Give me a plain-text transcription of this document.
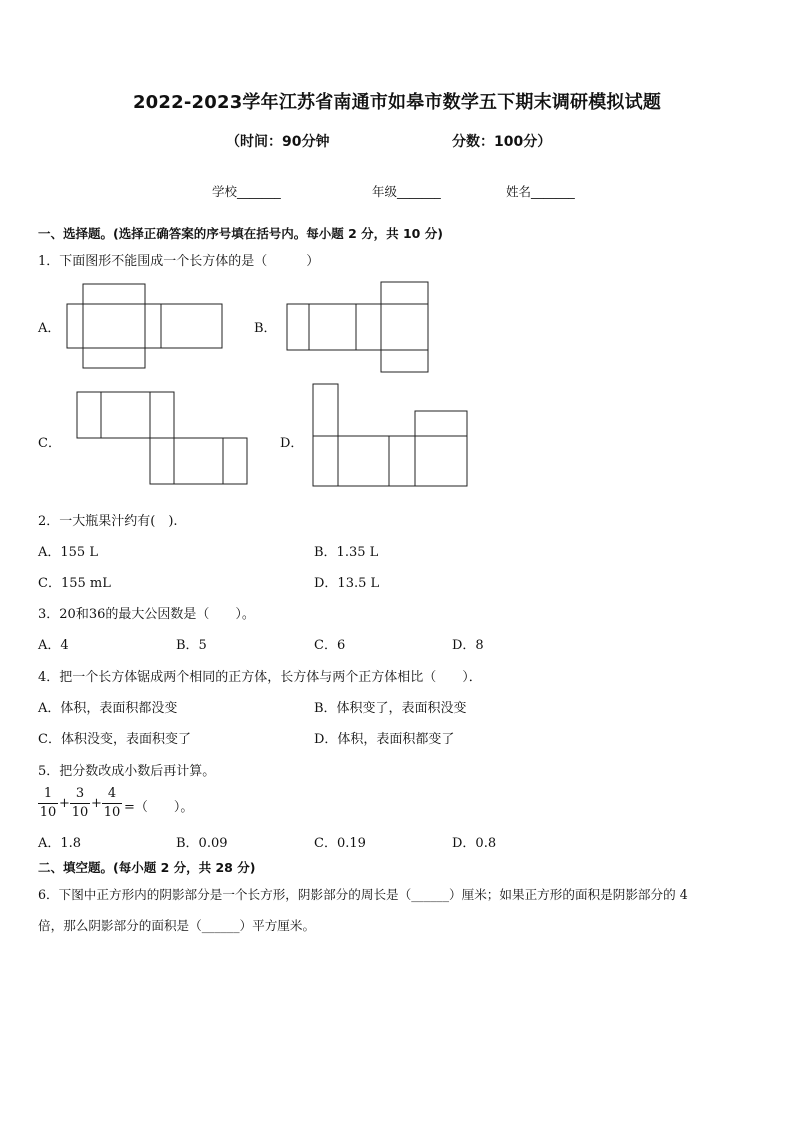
2022-2023学年江苏省南通市如皋市数学五下期末调研模拟试题
（时间：90分钟	分数：100分）
学校_______	年级_______	姓名_______
一、选择题。(选择正确答案的序号填在括号内。每小题 2 分，共 10 分)
1．下面图形不能围成一个长方体的是（　　　）
A．	B．
C．	D．
2．一大瓶果汁约有(　).
A．155 L	B．1.35 L
C．155 mL	D．13.5 L
3．20和36的最大公因数是（　　）。
A．4	B．5	C．6	D．8
4．把一个长方体锯成两个相同的正方体，长方体与两个正方体相比（　　）．
A．体积，表面积都没变	B．体积变了，表面积没变
C．体积没变，表面积变了	D．体积，表面积都变了
5．把分数改成小数后再计算。
1
10
+
3
10
+
4
10 =（　　）。
A．1.8	B．0.09	C．0.19	D．0.8
二、填空题。(每小题 2 分，共 28 分)
6．下图中正方形内的阴影部分是一个长方形，阴影部分的周长是（______）厘米；如果正方形的面积是阴影部分的 4
倍，那么阴影部分的面积是（______）平方厘米。
